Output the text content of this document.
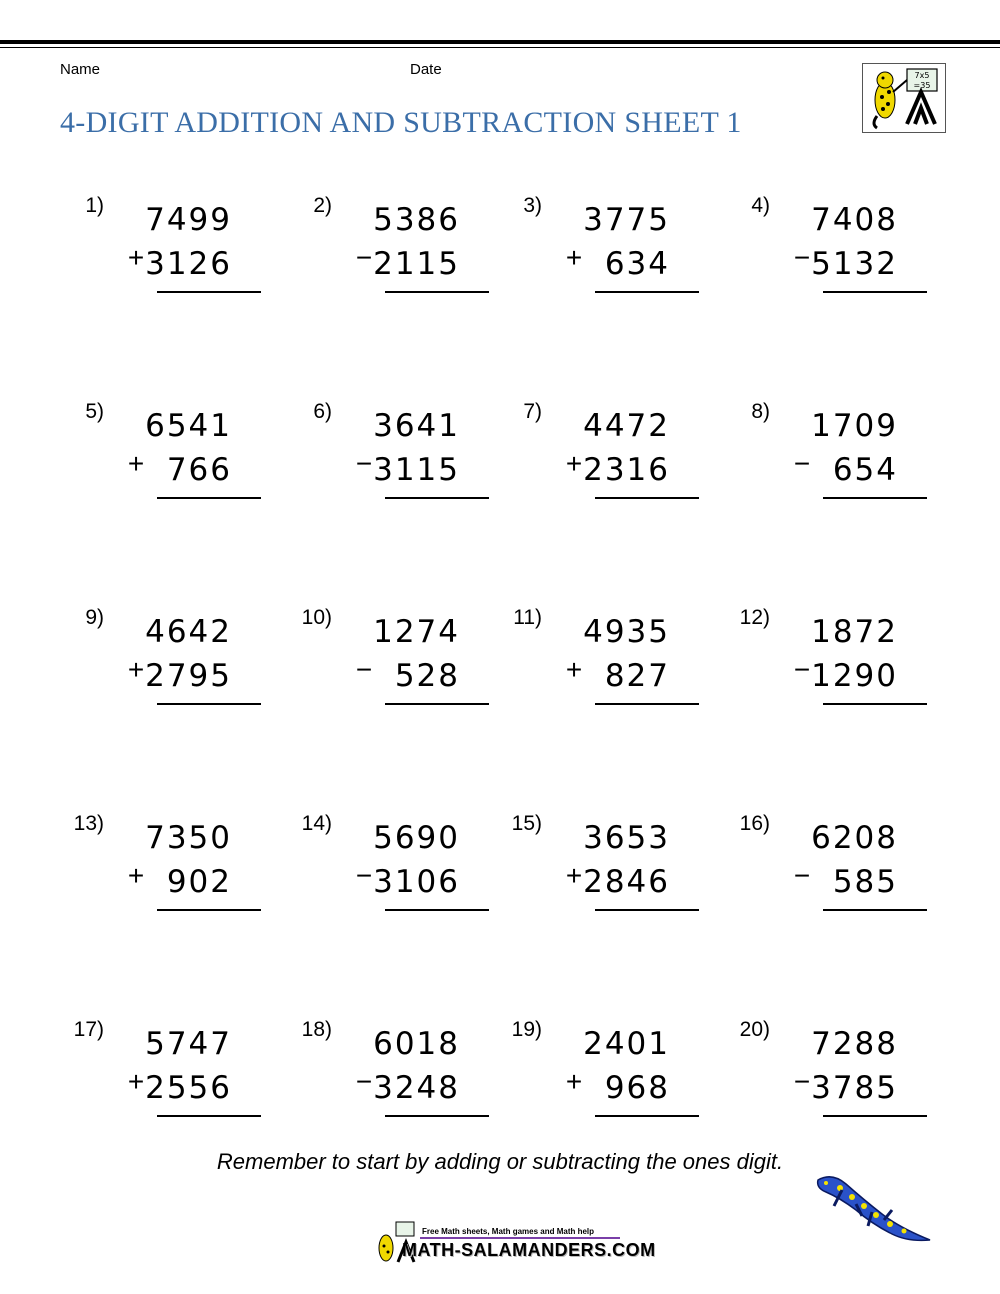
Name	Date
4-DIGIT ADDITION AND SUBTRACTION SHEET 1
7x5
=35
1) 7499
+ 3126
2) 5386
− 2115
3) 3775
+ 634
4) 7408
− 5132
5) 6541
+ 766
6) 3641
− 3115
7) 4472
+ 2316
8) 1709
− 654
9) 4642
+ 2795
10) 1274
− 528
11) 4935
+ 827
12) 1872
− 1290
13) 7350
+ 902
14) 5690
− 3106
15) 3653
+ 2846
16) 6208
− 585
17) 5747
+ 2556
18) 6018
− 3248
19) 2401
+ 968
20) 7288
− 3785
Remember to start by adding or subtracting the ones digit.
Free Math sheets, Math games and Math help
MATH-SALAMANDERS.COM
